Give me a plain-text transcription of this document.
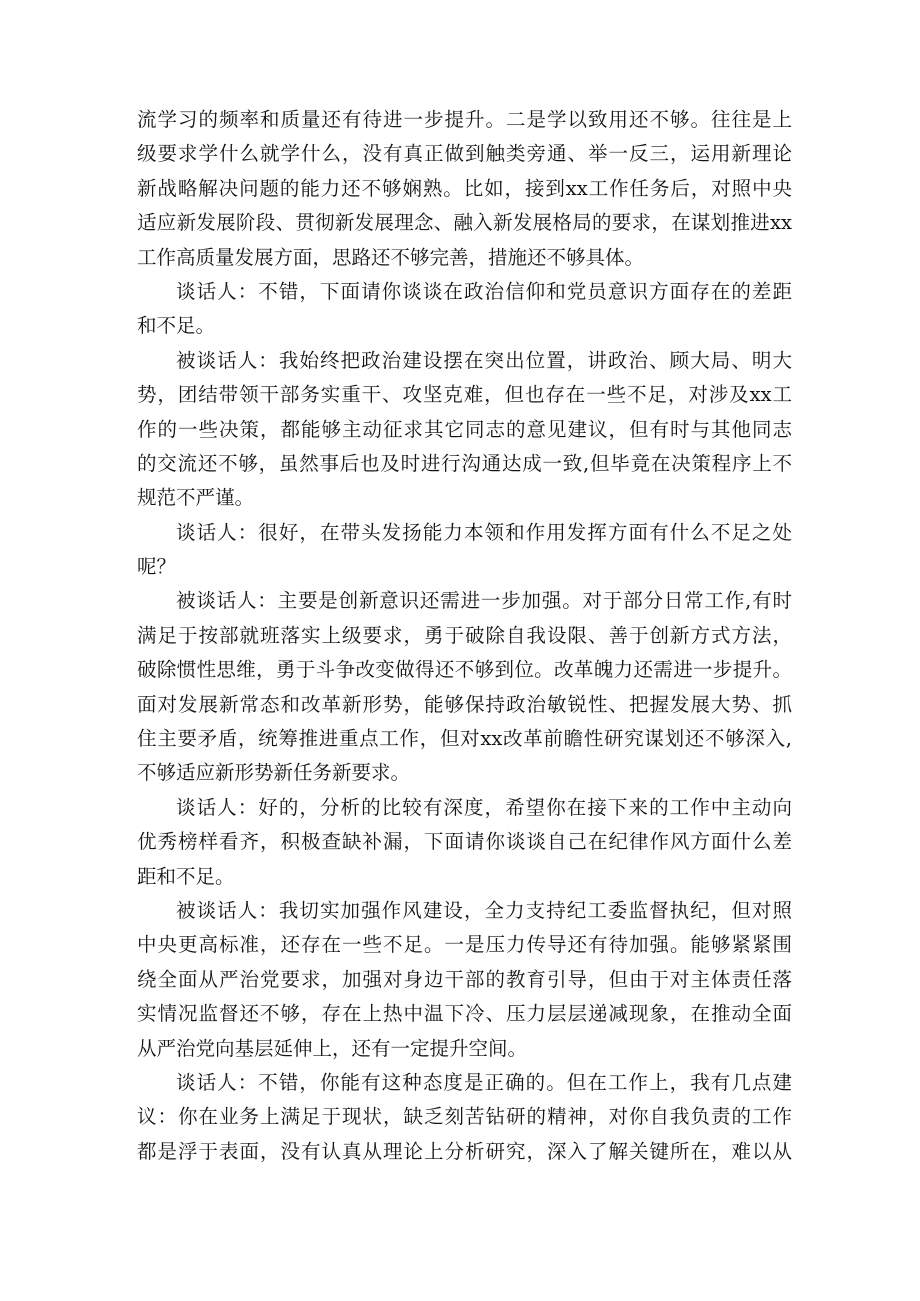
流学习的频率和质量还有待进一步提升。二是学以致用还不够。往往是上
级要求学什么就学什么，没有真正做到触类旁通、举一反三，运用新理论
新战略解决问题的能力还不够娴熟。比如，接到xx工作任务后，对照中央
适应新发展阶段、贯彻新发展理念、融入新发展格局的要求，在谋划推进xx
工作高质量发展方面，思路还不够完善，措施还不够具体。
谈话人：不错，下面请你谈谈在政治信仰和党员意识方面存在的差距
和不足。
被谈话人：我始终把政治建设摆在突出位置，讲政治、顾大局、明大
势，团结带领干部务实重干、攻坚克难，但也存在一些不足，对涉及xx工
作的一些决策，都能够主动征求其它同志的意见建议，但有时与其他同志
的交流还不够，虽然事后也及时进行沟通达成一致,但毕竟在决策程序上不
规范不严谨。
谈话人：很好，在带头发扬能力本领和作用发挥方面有什么不足之处
呢？
被谈话人：主要是创新意识还需进一步加强。对于部分日常工作,有时
满足于按部就班落实上级要求，勇于破除自我设限、善于创新方式方法，
破除惯性思维，勇于斗争改变做得还不够到位。改革魄力还需进一步提升。
面对发展新常态和改革新形势，能够保持政治敏锐性、把握发展大势、抓
住主要矛盾，统筹推进重点工作，但对xx改革前瞻性研究谋划还不够深入,
不够适应新形势新任务新要求。
谈话人：好的，分析的比较有深度，希望你在接下来的工作中主动向
优秀榜样看齐，积极查缺补漏，下面请你谈谈自己在纪律作风方面什么差
距和不足。
被谈话人：我切实加强作风建设，全力支持纪工委监督执纪，但对照
中央更高标准，还存在一些不足。一是压力传导还有待加强。能够紧紧围
绕全面从严治党要求，加强对身边干部的教育引导，但由于对主体责任落
实情况监督还不够，存在上热中温下冷、压力层层递减现象，在推动全面
从严治党向基层延伸上，还有一定提升空间。
谈话人：不错，你能有这种态度是正确的。但在工作上，我有几点建
议：你在业务上满足于现状，缺乏刻苦钻研的精神，对你自我负责的工作
都是浮于表面，没有认真从理论上分析研究，深入了解关键所在，难以从
